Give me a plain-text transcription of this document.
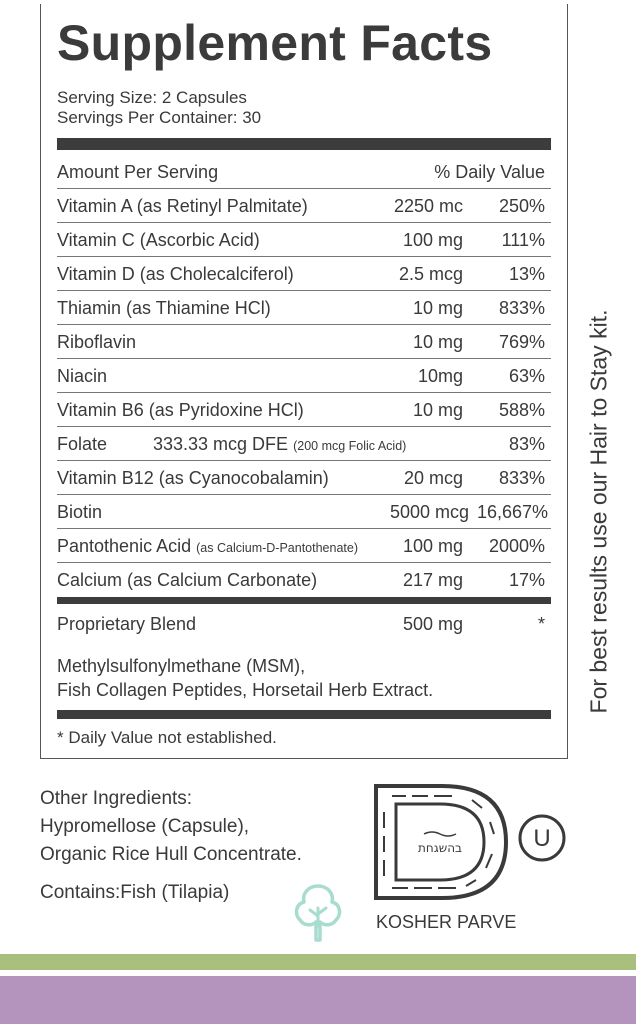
Supplement Facts
Serving Size: 2 Capsules
Servings Per Container: 30
Amount Per Serving	% Daily Value
Vitamin A (as Retinyl Palmitate)	2250 mc 250%
Vitamin C (Ascorbic Acid)	100 mg 111%
Vitamin D (as Cholecalciferol)	2.5 mcg	13%
Thiamin (as Thiamine HCl)	10 mg 833%
Riboflavin	10 mg 769%
Niacin	10mg	63%
Vitamin B6 (as Pyridoxine HCl)	10 mg 588%
Folate	333.33 mcg DFE (200 mcg Folic Acid)	83%
Vitamin B12 (as Cyanocobalamin)	20 mcg 833%
Biotin	5000 mcg 16,667%
Pantothenic Acid (as Calcium-D-Pantothenate) 100 mg 2000%
Calcium (as Calcium Carbonate)	217 mg	17%
Proprietary Blend	500 mg	*
Methylsulfonylmethane (MSM),
Fish Collagen Peptides, Horsetail Herb Extract.
* Daily Value not established.
For best results use our Hair to Stay kit.
Other Ingredients:
Hypromellose (Capsule),
Organic Rice Hull Concentrate.
Contains:Fish (Tilapia)
בהשגחת	U
KOSHER PARVE
